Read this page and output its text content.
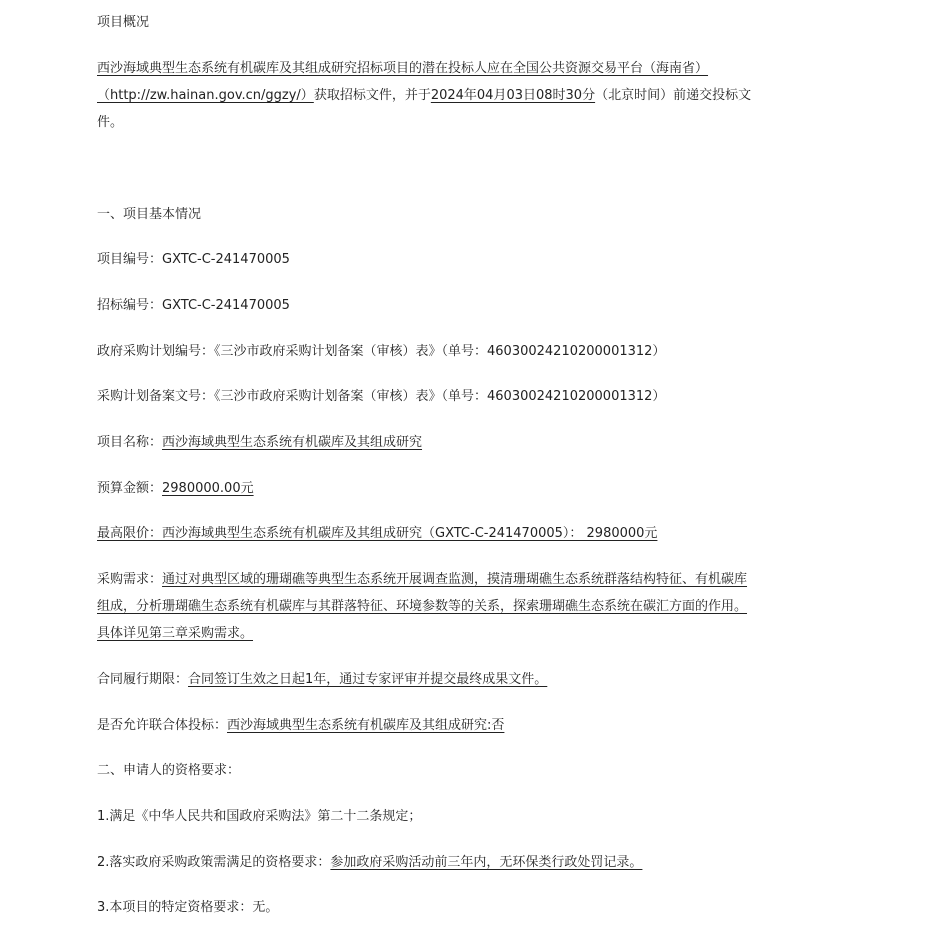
项目概况

西沙海域典型生态系统有机碳库及其组成研究招标项目的潜在投标人应在全国公共资源交易平台（海南省）（http://zw.hainan.gov.cn/ggzy/）获取招标文件，并于2024年04月03日08时30分（北京时间）前递交投标文件。

一、项目基本情况

项目编号：GXTC-C-241470005

招标编号：GXTC-C-241470005

政府采购计划编号：《三沙市政府采购计划备案（审核）表》（单号：46030024210200001312）

采购计划备案文号：《三沙市政府采购计划备案（审核）表》（单号：46030024210200001312）

项目名称：西沙海域典型生态系统有机碳库及其组成研究

预算金额：2980000.00元

最高限价：西沙海域典型生态系统有机碳库及其组成研究（GXTC-C-241470005）： 2980000元

采购需求：通过对典型区域的珊瑚礁等典型生态系统开展调查监测，摸清珊瑚礁生态系统群落结构特征、有机碳库组成，分析珊瑚礁生态系统有机碳库与其群落特征、环境参数等的关系，探索珊瑚礁生态系统在碳汇方面的作用。具体详见第三章采购需求。

合同履行期限：合同签订生效之日起1年，通过专家评审并提交最终成果文件。

是否允许联合体投标：西沙海域典型生态系统有机碳库及其组成研究:否

二、申请人的资格要求：

1.满足《中华人民共和国政府采购法》第二十二条规定；

2.落实政府采购政策需满足的资格要求：参加政府采购活动前三年内，无环保类行政处罚记录。

3.本项目的特定资格要求：无。
